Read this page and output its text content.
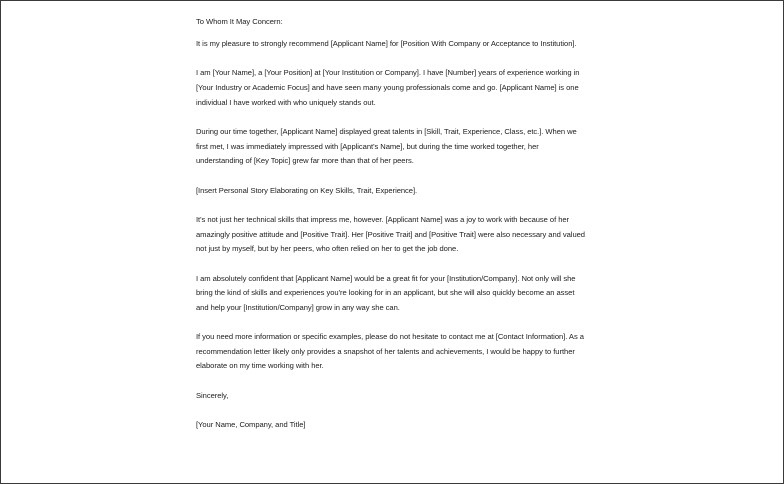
To Whom It May Concern:

It is my pleasure to strongly recommend [Applicant Name] for [Position With Company or Acceptance to Institution].

I am [Your Name], a [Your Position] at [Your Institution or Company]. I have [Number] years of experience working in [Your Industry or Academic Focus] and have seen many young professionals come and go. [Applicant Name] is one individual I have worked with who uniquely stands out.

During our time together, [Applicant Name] displayed great talents in [Skill, Trait, Experience, Class, etc.]. When we first met, I was immediately impressed with [Applicant's Name], but during the time worked together, her understanding of [Key Topic] grew far more than that of her peers.

[Insert Personal Story Elaborating on Key Skills, Trait, Experience].

It's not just her technical skills that impress me, however. [Applicant Name] was a joy to work with because of her amazingly positive attitude and [Positive Trait]. Her [Positive Trait] and [Positive Trait] were also necessary and valued not just by myself, but by her peers, who often relied on her to get the job done.

I am absolutely confident that [Applicant Name] would be a great fit for your [Institution/Company]. Not only will she bring the kind of skills and experiences you're looking for in an applicant, but she will also quickly become an asset and help your [Institution/Company] grow in any way she can.

If you need more information or specific examples, please do not hesitate to contact me at [Contact Information]. As a recommendation letter likely only provides a snapshot of her talents and achievements, I would be happy to further elaborate on my time working with her.

Sincerely,

[Your Name, Company, and Title]
